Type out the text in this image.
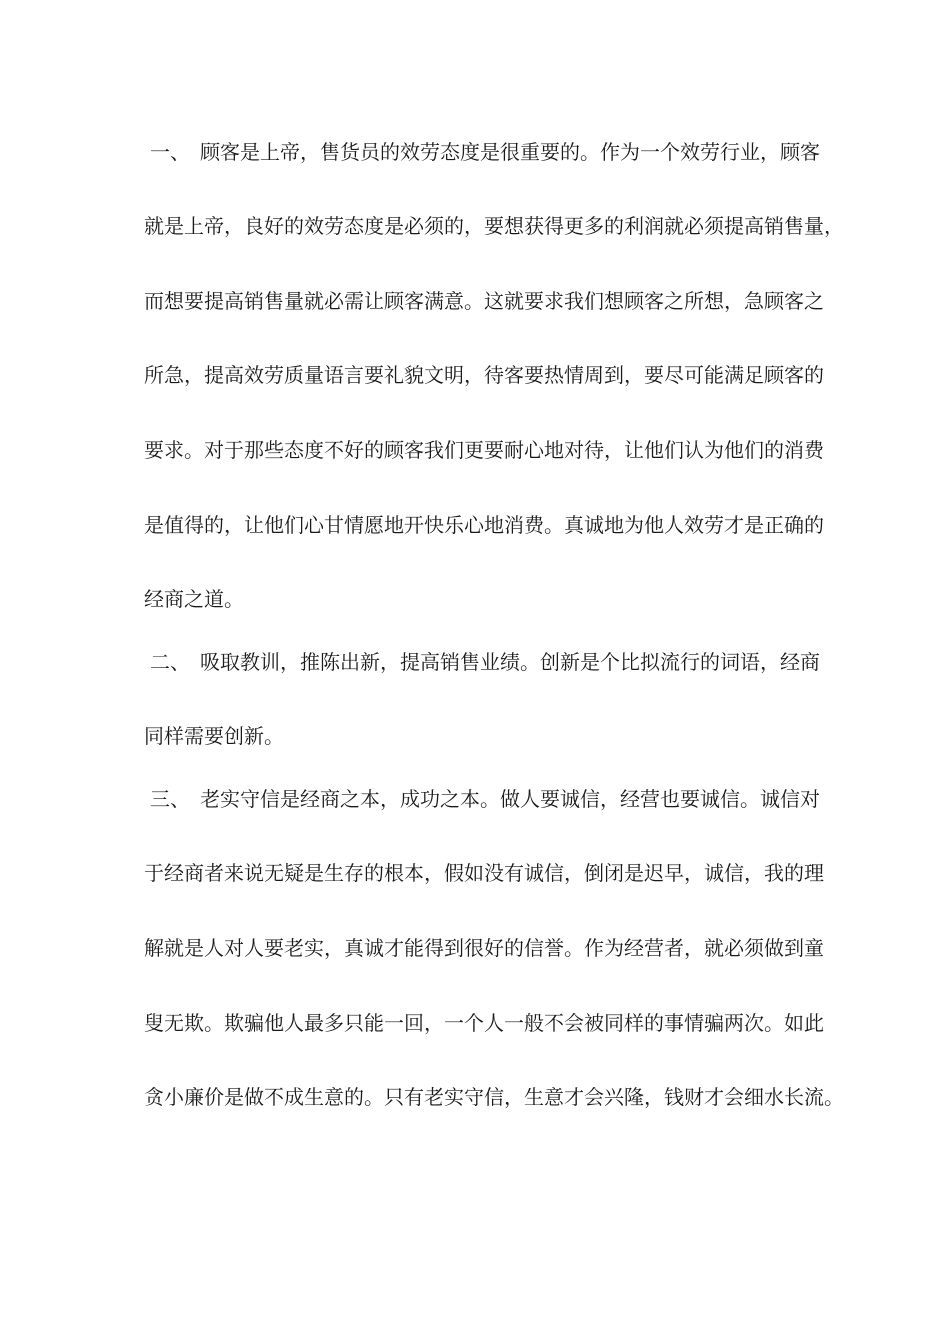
一、 顾客是上帝，售货员的效劳态度是很重要的。作为一个效劳行业，顾客
就是上帝，良好的效劳态度是必须的，要想获得更多的利润就必须提高销售量，
而想要提高销售量就必需让顾客满意。这就要求我们想顾客之所想，急顾客之
所急，提高效劳质量语言要礼貌文明，待客要热情周到，要尽可能满足顾客的
要求。对于那些态度不好的顾客我们更要耐心地对待，让他们认为他们的消费
是值得的，让他们心甘情愿地开快乐心地消费。真诚地为他人效劳才是正确的
经商之道。
二、 吸取教训，推陈出新，提高销售业绩。创新是个比拟流行的词语，经商
同样需要创新。
三、 老实守信是经商之本，成功之本。做人要诚信，经营也要诚信。诚信对
于经商者来说无疑是生存的根本，假如没有诚信，倒闭是迟早，诚信，我的理
解就是人对人要老实，真诚才能得到很好的信誉。作为经营者，就必须做到童
叟无欺。欺骗他人最多只能一回，一个人一般不会被同样的事情骗两次。如此
贪小廉价是做不成生意的。只有老实守信，生意才会兴隆，钱财才会细水长流。
